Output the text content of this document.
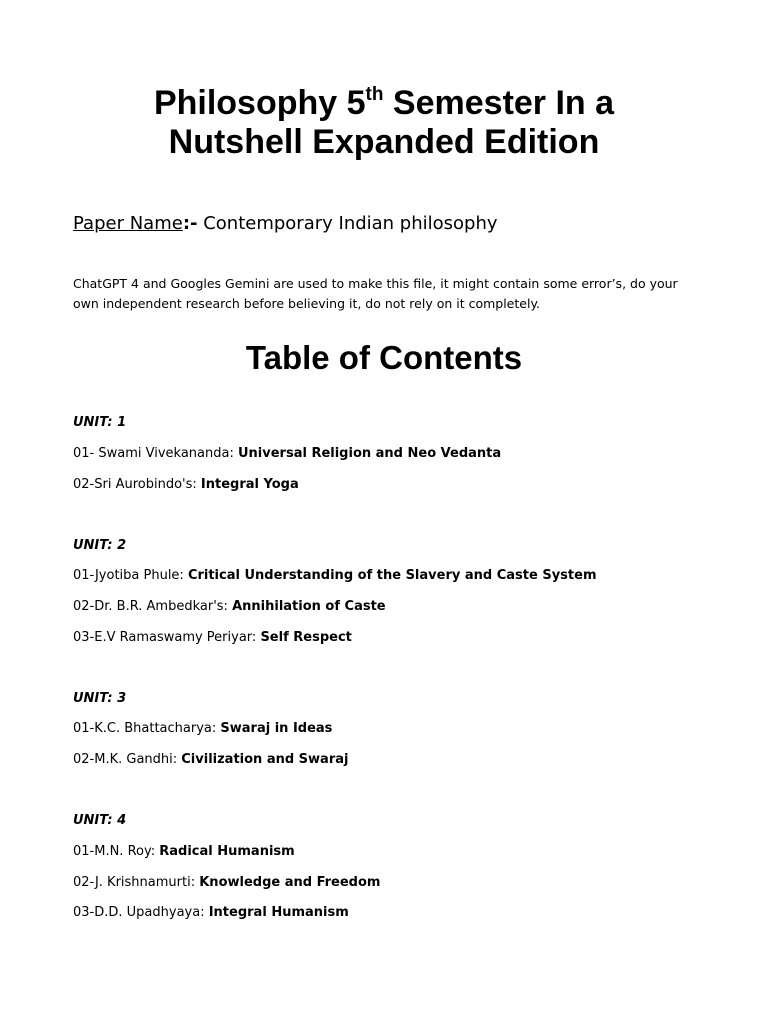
Philosophy 5th Semester In a
Nutshell Expanded Edition
Paper Name:- Contemporary Indian philosophy
ChatGPT 4 and Googles Gemini are used to make this file, it might contain some error’s, do your own independent research before believing it, do not rely on it completely.
Table of Contents
UNIT: 1
01- Swami Vivekananda: Universal Religion and Neo Vedanta
02-Sri Aurobindo's: Integral Yoga
UNIT: 2
01-Jyotiba Phule: Critical Understanding of the Slavery and Caste System
02-Dr. B.R. Ambedkar's: Annihilation of Caste
03-E.V Ramaswamy Periyar: Self Respect
UNIT: 3
01-K.C. Bhattacharya: Swaraj in Ideas
02-M.K. Gandhi: Civilization and Swaraj
UNIT: 4
01-M.N. Roy: Radical Humanism
02-J. Krishnamurti: Knowledge and Freedom
03-D.D. Upadhyaya: Integral Humanism
